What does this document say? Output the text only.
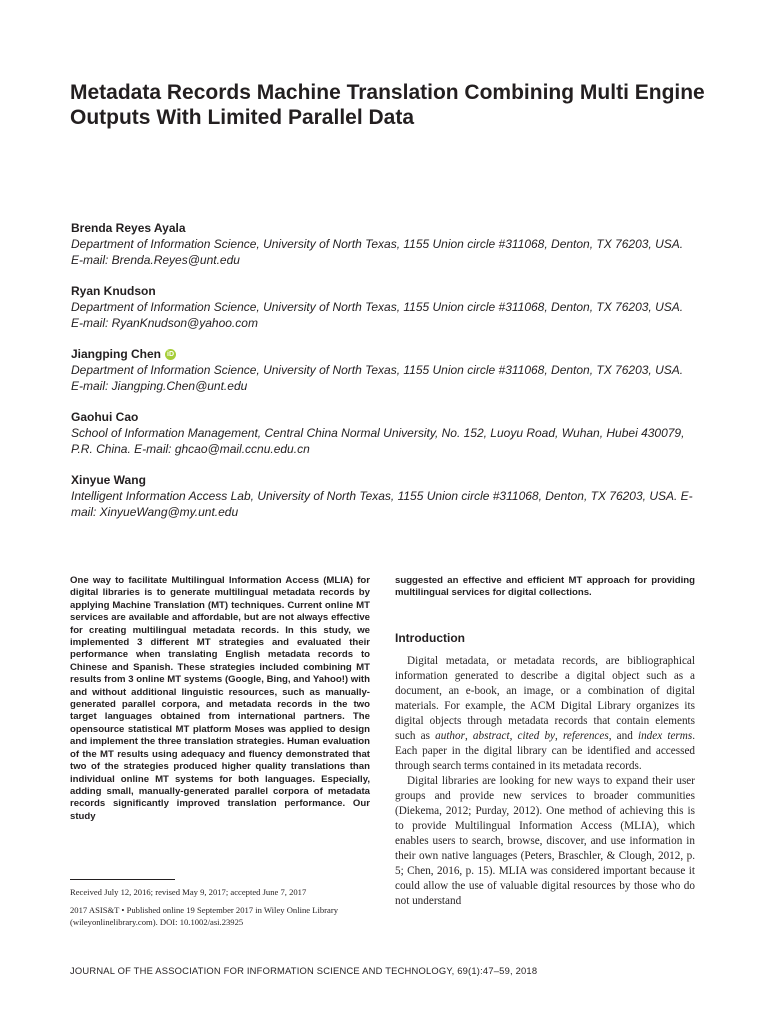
Metadata Records Machine Translation Combining Multi Engine Outputs With Limited Parallel Data
Brenda Reyes Ayala
Department of Information Science, University of North Texas, 1155 Union circle #311068, Denton, TX 76203, USA. E-mail: Brenda.Reyes@unt.edu
Ryan Knudson
Department of Information Science, University of North Texas, 1155 Union circle #311068, Denton, TX 76203, USA. E-mail: RyanKnudson@yahoo.com
Jiangping Chen iD
Department of Information Science, University of North Texas, 1155 Union circle #311068, Denton, TX 76203, USA. E-mail: Jiangping.Chen@unt.edu
Gaohui Cao
School of Information Management, Central China Normal University, No. 152, Luoyu Road, Wuhan, Hubei 430079, P.R. China. E-mail: ghcao@mail.ccnu.edu.cn
Xinyue Wang
Intelligent Information Access Lab, University of North Texas, 1155 Union circle #311068, Denton, TX 76203, USA. E-mail: XinyueWang@my.unt.edu

One way to facilitate Multilingual Information Access (MLIA) for digital libraries is to generate multilingual metadata records by applying Machine Translation (MT) techniques. Current online MT services are available and affordable, but are not always effective for creating multilingual metadata records. In this study, we implemented 3 different MT strategies and evaluated their performance when translating English metadata records to Chinese and Spanish. These strategies included combining MT results from 3 online MT systems (Google, Bing, and Yahoo!) with and without additional linguistic resources, such as manually-generated parallel corpora, and metadata records in the two target languages obtained from international partners. The opensource statistical MT platform Moses was applied to design and implement the three translation strategies. Human evaluation of the MT results using adequacy and fluency demonstrated that two of the strategies produced higher quality translations than individual online MT systems for both languages. Especially, adding small, manually-generated parallel corpora of metadata records significantly improved translation performance. Our study

suggested an effective and efficient MT approach for providing multilingual services for digital collections.

Introduction

Digital metadata, or metadata records, are bibliographical information generated to describe a digital object such as a document, an e-book, an image, or a combination of digital materials. For example, the ACM Digital Library organizes its digital objects through metadata records that contain elements such as author, abstract, cited by, references, and index terms. Each paper in the digital library can be identified and accessed through search terms contained in its metadata records.

Digital libraries are looking for new ways to expand their user groups and provide new services to broader communities (Diekema, 2012; Purday, 2012). One method of achieving this is to provide Multilingual Information Access (MLIA), which enables users to search, browse, discover, and use information in their own native languages (Peters, Braschler, & Clough, 2012, p. 5; Chen, 2016, p. 15). MLIA was considered important because it could allow the use of valuable digital resources by those who do not understand

Received July 12, 2016; revised May 9, 2017; accepted June 7, 2017

2017 ASIS&T • Published online 19 September 2017 in Wiley Online Library (wileyonlinelibrary.com). DOI: 10.1002/asi.23925

JOURNAL OF THE ASSOCIATION FOR INFORMATION SCIENCE AND TECHNOLOGY, 69(1):47–59, 2018
